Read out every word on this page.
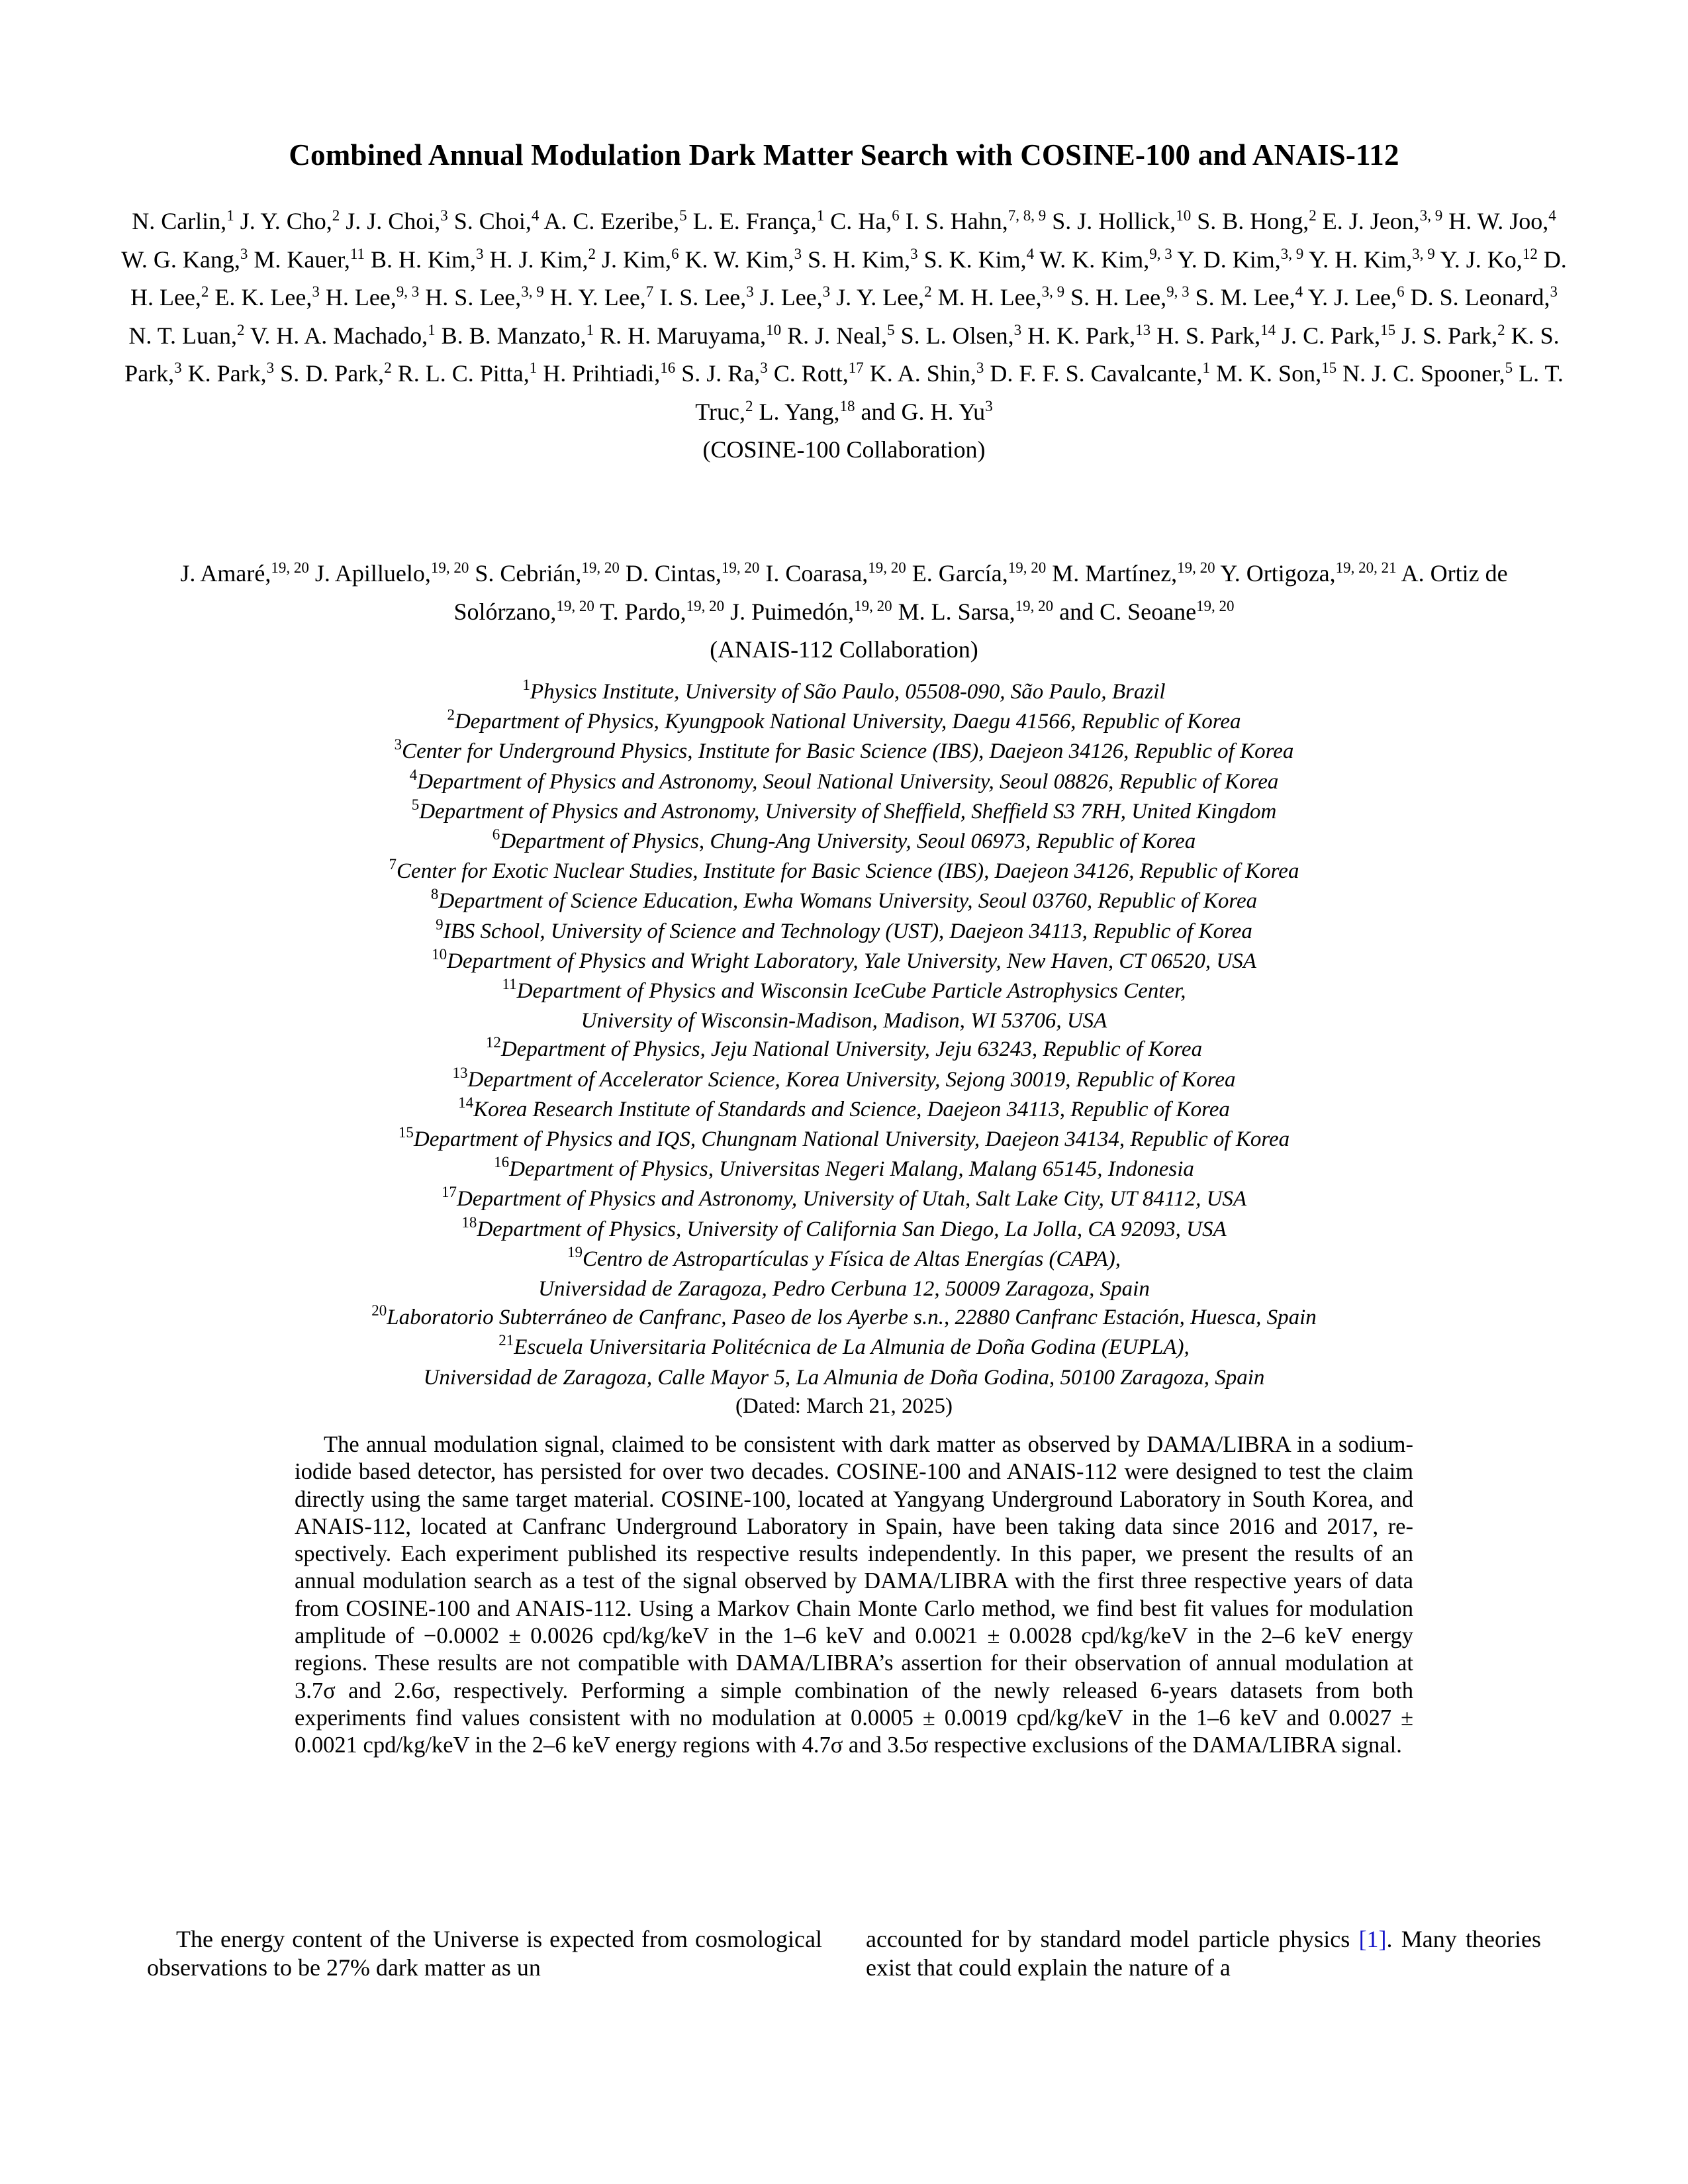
Combined Annual Modulation Dark Matter Search with COSINE-100 and ANAIS-112
N. Carlin,$^1$ J. Y. Cho,$^2$ J. J. Choi,$^3$ S. Choi,$^4$ A. C. Ezeribe,$^5$ L. E. França,$^1$ C. Ha,$^6$ I. S. Hahn,$^{7, 8, 9}$ S. J. Hollick,$^{10}$ S. B. Hong,$^2$ E. J. Jeon,$^{3, 9}$ H. W. Joo,$^4$ W. G. Kang,$^3$ M. Kauer,$^{11}$ B. H. Kim,$^3$ H. J. Kim,$^2$ J. Kim,$^6$ K. W. Kim,$^3$ S. H. Kim,$^3$ S. K. Kim,$^4$ W. K. Kim,$^{9, 3}$ Y. D. Kim,$^{3, 9}$ Y. H. Kim,$^{3, 9}$ Y. J. Ko,$^{12}$ D. H. Lee,$^2$ E. K. Lee,$^3$ H. Lee,$^{9, 3}$ H. S. Lee,$^{3, 9}$ H. Y. Lee,$^7$ I. S. Lee,$^3$ J. Lee,$^3$ J. Y. Lee,$^2$ M. H. Lee,$^{3, 9}$ S. H. Lee,$^{9, 3}$ S. M. Lee,$^4$ Y. J. Lee,$^6$ D. S. Leonard,$^3$ N. T. Luan,$^2$ V. H. A. Machado,$^1$ B. B. Manzato,$^1$ R. H. Maruyama,$^{10}$ R. J. Neal,$^5$ S. L. Olsen,$^3$ H. K. Park,$^{13}$ H. S. Park,$^{14}$ J. C. Park,$^{15}$ J. S. Park,$^2$ K. S. Park,$^3$ K. Park,$^3$ S. D. Park,$^2$ R. L. C. Pitta,$^1$ H. Prihtiadi,$^{16}$ S. J. Ra,$^3$ C. Rott,$^{17}$ K. A. Shin,$^3$ D. F. F. S. Cavalcante,$^1$ M. K. Son,$^{15}$ N. J. C. Spooner,$^5$ L. T. Truc,$^2$ L. Yang,$^{18}$ and G. H. Yu$^3$
(COSINE-100 Collaboration)
J. Amaré,$^{19, 20}$ J. Apilluelo,$^{19, 20}$ S. Cebrián,$^{19, 20}$ D. Cintas,$^{19, 20}$ I. Coarasa,$^{19, 20}$ E. García,$^{19, 20}$ M. Martínez,$^{19, 20}$ Y. Ortigoza,$^{19, 20, 21}$ A. Ortiz de Solórzano,$^{19, 20}$ T. Pardo,$^{19, 20}$ J. Puimedón,$^{19, 20}$ M. L. Sarsa,$^{19, 20}$ and C. Seoane$^{19, 20}$
(ANAIS-112 Collaboration)
$^1$Physics Institute, University of São Paulo, 05508-090, São Paulo, Brazil
$^2$Department of Physics, Kyungpook National University, Daegu 41566, Republic of Korea
$^3$Center for Underground Physics, Institute for Basic Science (IBS), Daejeon 34126, Republic of Korea
$^4$Department of Physics and Astronomy, Seoul National University, Seoul 08826, Republic of Korea
$^5$Department of Physics and Astronomy, University of Sheffield, Sheffield S3 7RH, United Kingdom
$^6$Department of Physics, Chung-Ang University, Seoul 06973, Republic of Korea
$^7$Center for Exotic Nuclear Studies, Institute for Basic Science (IBS), Daejeon 34126, Republic of Korea
$^8$Department of Science Education, Ewha Womans University, Seoul 03760, Republic of Korea
$^9$IBS School, University of Science and Technology (UST), Daejeon 34113, Republic of Korea
$^{10}$Department of Physics and Wright Laboratory, Yale University, New Haven, CT 06520, USA
$^{11}$Department of Physics and Wisconsin IceCube Particle Astrophysics Center,
University of Wisconsin-Madison, Madison, WI 53706, USA
$^{12}$Department of Physics, Jeju National University, Jeju 63243, Republic of Korea
$^{13}$Department of Accelerator Science, Korea University, Sejong 30019, Republic of Korea
$^{14}$Korea Research Institute of Standards and Science, Daejeon 34113, Republic of Korea
$^{15}$Department of Physics and IQS, Chungnam National University, Daejeon 34134, Republic of Korea
$^{16}$Department of Physics, Universitas Negeri Malang, Malang 65145, Indonesia
$^{17}$Department of Physics and Astronomy, University of Utah, Salt Lake City, UT 84112, USA
$^{18}$Department of Physics, University of California San Diego, La Jolla, CA 92093, USA
$^{19}$Centro de Astropartículas y Física de Altas Energías (CAPA),
Universidad de Zaragoza, Pedro Cerbuna 12, 50009 Zaragoza, Spain
$^{20}$Laboratorio Subterráneo de Canfranc, Paseo de los Ayerbe s.n., 22880 Canfranc Estación, Huesca, Spain
$^{21}$Escuela Universitaria Politécnica de La Almunia de Doña Godina (EUPLA),
Universidad de Zaragoza, Calle Mayor 5, La Almunia de Doña Godina, 50100 Zaragoza, Spain
(Dated: March 21, 2025)
The annual modulation signal, claimed to be consistent with dark matter as observed by DAMA/LIBRA in a sodium-iodide based detector, has persisted for over two decades. COSINE-100 and ANAIS-112 were designed to test the claim directly using the same target material. COSINE-100, located at Yangyang Underground Laboratory in South Korea, and ANAIS-112, located at Canfranc Underground Laboratory in Spain, have been taking data since 2016 and 2017, respectively. Each experiment published its respective results independently. In this paper, we present the results of an annual modulation search as a test of the signal observed by DAMA/LIBRA with the first three respective years of data from COSINE-100 and ANAIS-112. Using a Markov Chain Monte Carlo method, we find best fit values for modulation amplitude of −0.0002 ± 0.0026 cpd/kg/keV in the 1–6 keV and 0.0021 ± 0.0028 cpd/kg/keV in the 2–6 keV energy regions. These results are not compatible with DAMA/LIBRA’s assertion for their observation of annual modulation at 3.7σ and 2.6σ, respectively. Performing a simple combination of the newly released 6-years datasets from both experiments find values consistent with no modulation at 0.0005 ± 0.0019 cpd/kg/keV in the 1–6 keV and 0.0027 ± 0.0021 cpd/kg/keV in the 2–6 keV energy regions with 4.7σ and 3.5σ respective exclusions of the DAMA/LIBRA signal.

The energy content of the Universe is expected from cosmological observations to be 27% dark matter as un

accounted for by standard model particle physics [1]. Many theories exist that could explain the nature of a
